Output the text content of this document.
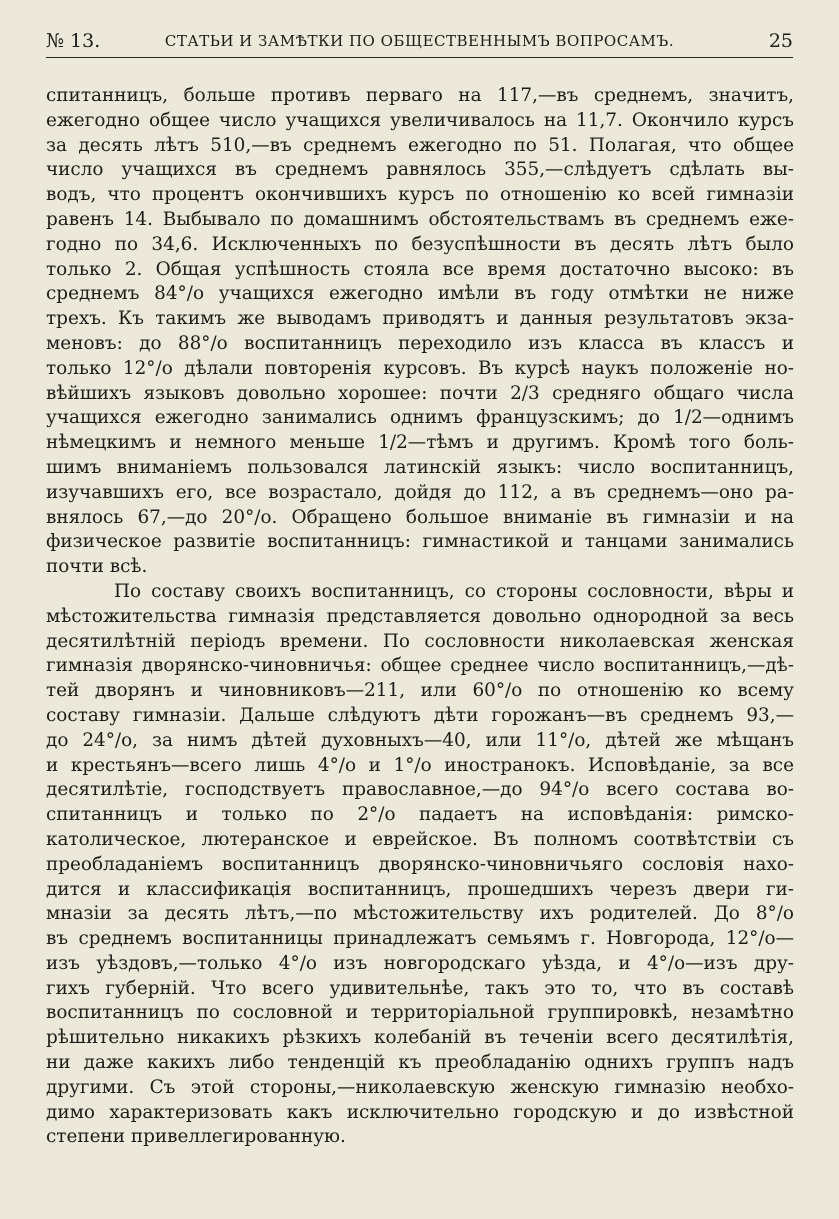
№ 13.	СТАТЬИ И ЗАМѢТКИ ПО ОБЩЕСТВЕННЫМЪ ВОПРОСАМЪ.	25
спитанницъ, больше противъ перваго на 117,—въ среднемъ, значитъ,
ежегодно общее число учащихся увеличивалось на 11,7. Окончило курсъ
за десять лѣтъ 510,—въ среднемъ ежегодно по 51. Полагая, что общее
число учащихся въ среднемъ равнялось 355,—слѣдуетъ сдѣлать вы-
водъ, что процентъ окончившихъ курсъ по отношенію ко всей гимназіи
равенъ 14. Выбывало по домашнимъ обстоятельствамъ въ среднемъ еже-
годно по 34,6. Исключенныхъ по безуспѣшности въ десять лѣтъ было
только 2. Общая успѣшность стояла все время достаточно высоко: въ
среднемъ 84°/о учащихся ежегодно имѣли въ году отмѣтки не ниже
трехъ. Къ такимъ же выводамъ приводятъ и данныя результатовъ экза-
меновъ: до 88°/о воспитанницъ переходило изъ класса въ классъ и
только 12°/о дѣлали повторенія курсовъ. Въ курсѣ наукъ положеніе но-
вѣйшихъ языковъ довольно хорошее: почти 2/3 средняго общаго числа
учащихся ежегодно занимались однимъ французскимъ; до 1/2—однимъ
нѣмецкимъ и немного меньше 1/2—тѣмъ и другимъ. Кромѣ того боль-
шимъ вниманіемъ пользовался латинскій языкъ: число воспитанницъ,
изучавшихъ его, все возрастало, дойдя до 112, а въ среднемъ—оно ра-
внялось 67,—до 20°/о. Обращено большое вниманіе въ гимназіи и на
физическое развитіе воспитанницъ: гимнастикой и танцами занимались
почти всѣ.
По составу своихъ воспитанницъ, со стороны сословности, вѣры и
мѣстожительства гимназія представляется довольно однородной за весь
десятилѣтній періодъ времени. По сословности николаевская женская
гимназія дворянско-чиновничья: общее среднее число воспитанницъ,—дѣ-
тей дворянъ и чиновниковъ—211, или 60°/о по отношенію ко всему
составу гимназіи. Дальше слѣдуютъ дѣти горожанъ—въ среднемъ 93,—
до 24°/о, за нимъ дѣтей духовныхъ—40, или 11°/о, дѣтей же мѣщанъ
и крестьянъ—всего лишь 4°/о и 1°/о иностранокъ. Исповѣданіе, за все
десятилѣтіе, господствуетъ православное,—до 94°/о всего состава во-
спитанницъ и только по 2°/о падаетъ на исповѣданія: римско-
католическое, лютеранское и еврейское. Въ полномъ соотвѣтствіи съ
преобладаніемъ воспитанницъ дворянско-чиновничьяго сословія нахо-
дится и классификація воспитанницъ, прошедшихъ черезъ двери ги-
мназіи за десять лѣтъ,—по мѣстожительству ихъ родителей. До 8°/о
въ среднемъ воспитанницы принадлежатъ семьямъ г. Новгорода, 12°/о—
изъ уѣздовъ,—только 4°/о изъ новгородскаго уѣзда, и 4°/о—изъ дру-
гихъ губерній. Что всего удивительнѣе, такъ это то, что въ составѣ
воспитанницъ по сословной и территоріальной группировкѣ, незамѣтно
рѣшительно никакихъ рѣзкихъ колебаній въ теченіи всего десятилѣтія,
ни даже какихъ либо тенденцій къ преобладанію однихъ группъ надъ
другими. Съ этой стороны,—николаевскую женскую гимназію необхо-
димо характеризовать какъ исключительно городскую и до извѣстной
степени привеллегированную.
